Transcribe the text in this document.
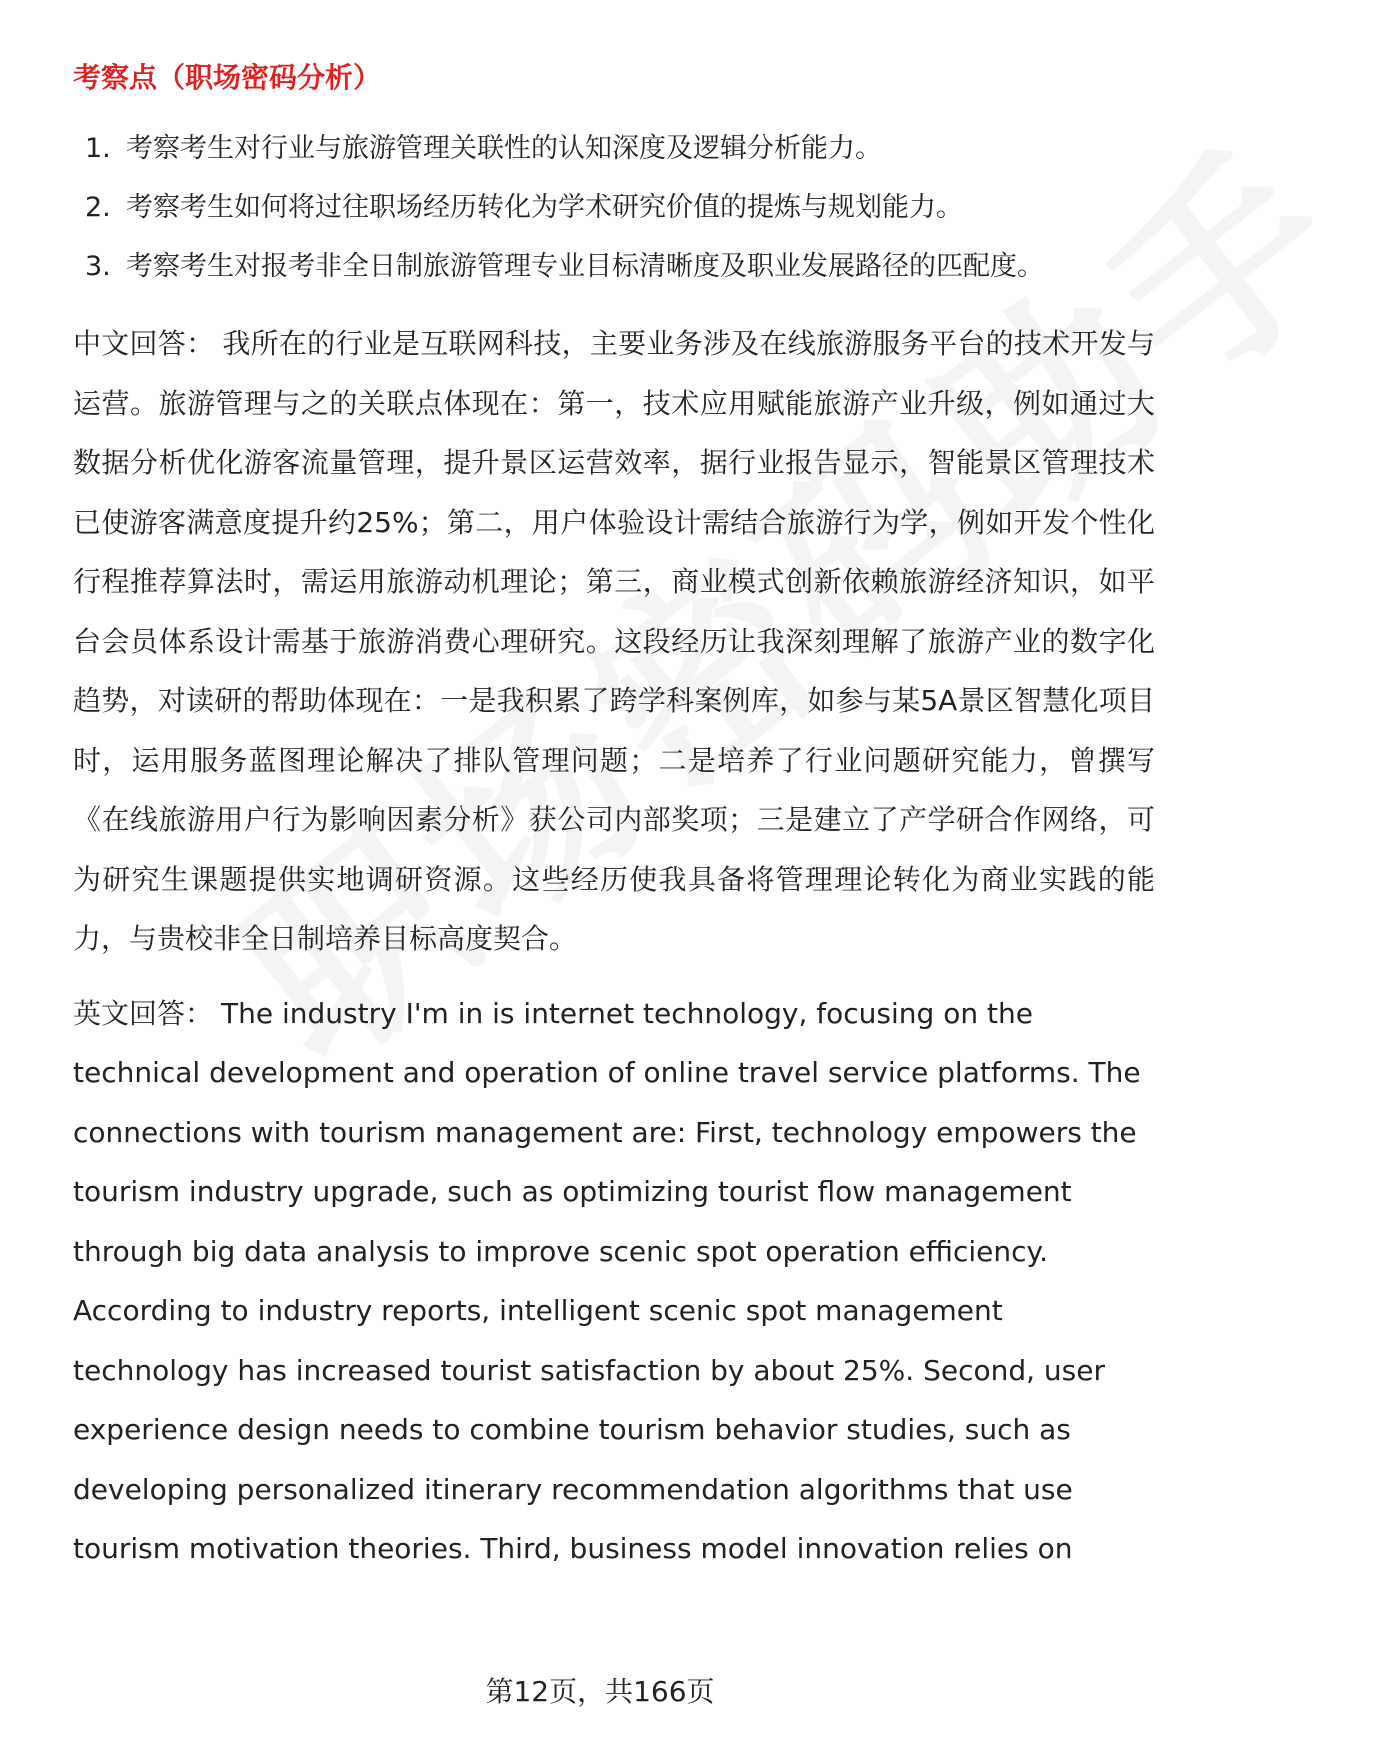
考察点（职场密码分析）
1. 考察考生对行业与旅游管理关联性的认知深度及逻辑分析能力。
2. 考察考生如何将过往职场经历转化为学术研究价值的提炼与规划能力。
3. 考察考生对报考非全日制旅游管理专业目标清晰度及职业发展路径的匹配度。
中文回答： 我所在的行业是互联网科技，主要业务涉及在线旅游服务平台的技术开发与运营。旅游管理与之的关联点体现在：第一，技术应用赋能旅游产业升级，例如通过大数据分析优化游客流量管理，提升景区运营效率，据行业报告显示，智能景区管理技术已使游客满意度提升约25%；第二，用户体验设计需结合旅游行为学，例如开发个性化行程推荐算法时，需运用旅游动机理论；第三，商业模式创新依赖旅游经济知识，如平台会员体系设计需基于旅游消费心理研究。这段经历让我深刻理解了旅游产业的数字化趋势，对读研的帮助体现在：一是我积累了跨学科案例库，如参与某5A景区智慧化项目时，运用服务蓝图理论解决了排队管理问题；二是培养了行业问题研究能力，曾撰写《在线旅游用户行为影响因素分析》获公司内部奖项；三是建立了产学研合作网络，可为研究生课题提供实地调研资源。这些经历使我具备将管理理论转化为商业实践的能力，与贵校非全日制培养目标高度契合。
英文回答： The industry I'm in is internet technology, focusing on the technical development and operation of online travel service platforms. The connections with tourism management are: First, technology empowers the tourism industry upgrade, such as optimizing tourist flow management through big data analysis to improve scenic spot operation efficiency. According to industry reports, intelligent scenic spot management technology has increased tourist satisfaction by about 25%. Second, user experience design needs to combine tourism behavior studies, such as developing personalized itinerary recommendation algorithms that use tourism motivation theories. Third, business model innovation relies on
第12页，共166页
